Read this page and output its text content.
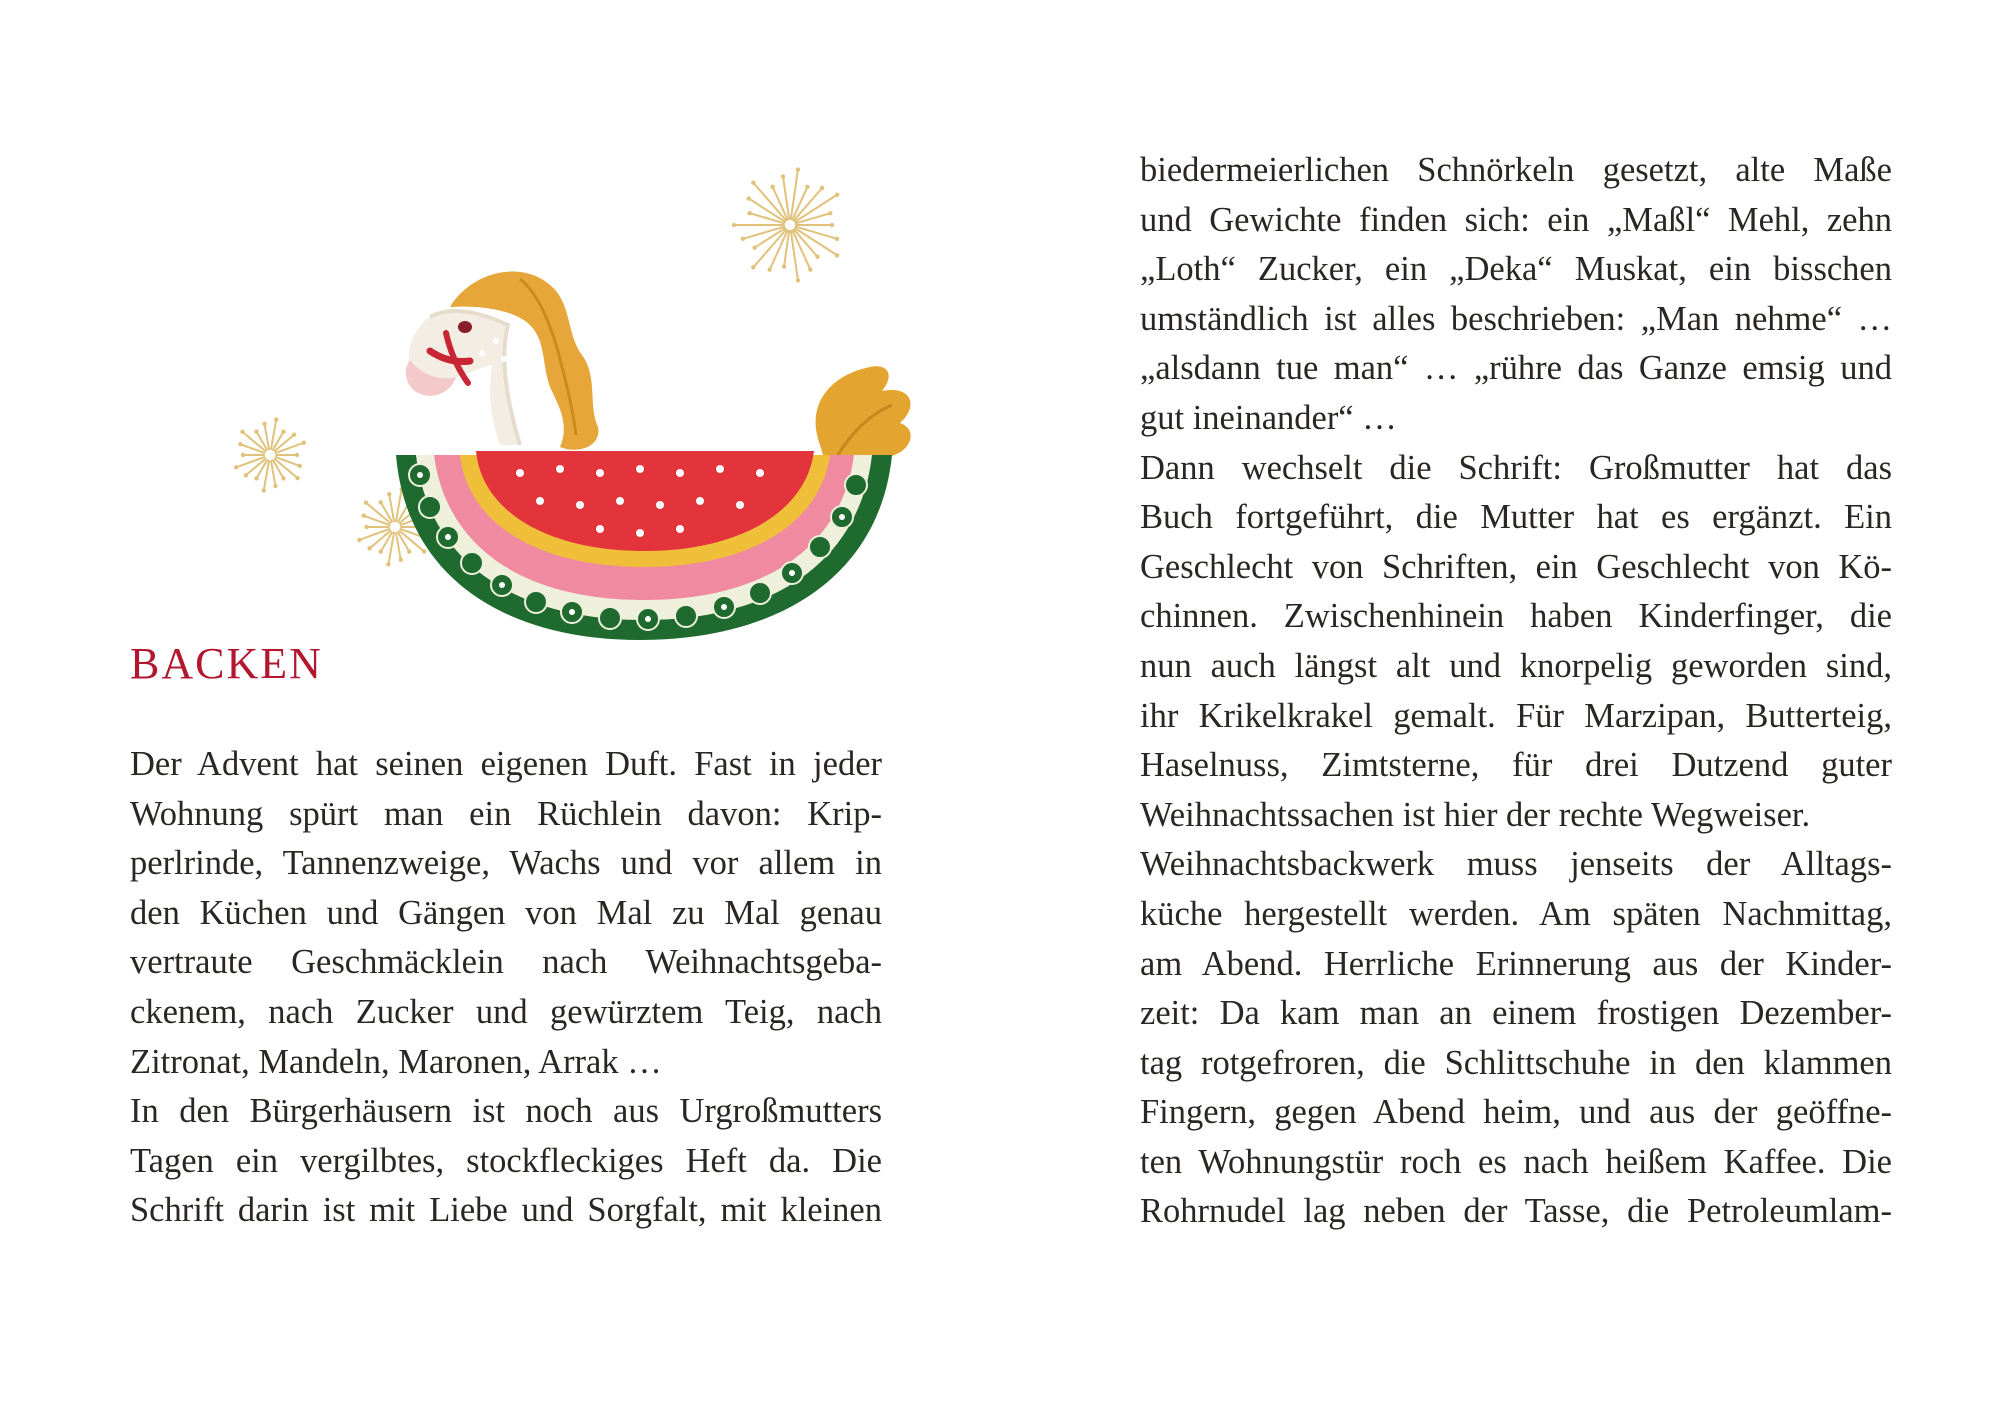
BACKEN
Der Advent hat seinen eigenen Duft. Fast in jeder
Wohnung spürt man ein Rüchlein davon: Krip-
perlrinde, Tannenzweige, Wachs und vor allem in
den Küchen und Gängen von Mal zu Mal genau
vertraute Geschmäcklein nach Weihnachtsgeba-
ckenem, nach Zucker und gewürztem Teig, nach
Zitronat, Mandeln, Maronen, Arrak …
In den Bürgerhäusern ist noch aus Urgroßmutters
Tagen ein vergilbtes, stockfleckiges Heft da. Die
Schrift darin ist mit Liebe und Sorgfalt, mit kleinen
biedermeierlichen Schnörkeln gesetzt, alte Maße
und Gewichte finden sich: ein „Maßl“ Mehl, zehn
„Loth“ Zucker, ein „Deka“ Muskat, ein bisschen
umständlich ist alles beschrieben: „Man nehme“ …
„alsdann tue man“ … „rühre das Ganze emsig und
gut ineinander“ …
Dann wechselt die Schrift: Großmutter hat das
Buch fortgeführt, die Mutter hat es ergänzt. Ein
Geschlecht von Schriften, ein Geschlecht von Kö-
chinnen. Zwischenhinein haben Kinderfinger, die
nun auch längst alt und knorpelig geworden sind,
ihr Krikelkrakel gemalt. Für Marzipan, Butterteig,
Haselnuss, Zimtsterne, für drei Dutzend guter
Weihnachtssachen ist hier der rechte Wegweiser.
Weihnachtsbackwerk muss jenseits der Alltags-
küche hergestellt werden. Am späten Nachmittag,
am Abend. Herrliche Erinnerung aus der Kinder-
zeit: Da kam man an einem frostigen Dezember-
tag rotgefroren, die Schlittschuhe in den klammen
Fingern, gegen Abend heim, und aus der geöffne-
ten Wohnungstür roch es nach heißem Kaffee. Die
Rohrnudel lag neben der Tasse, die Petroleumlam-
